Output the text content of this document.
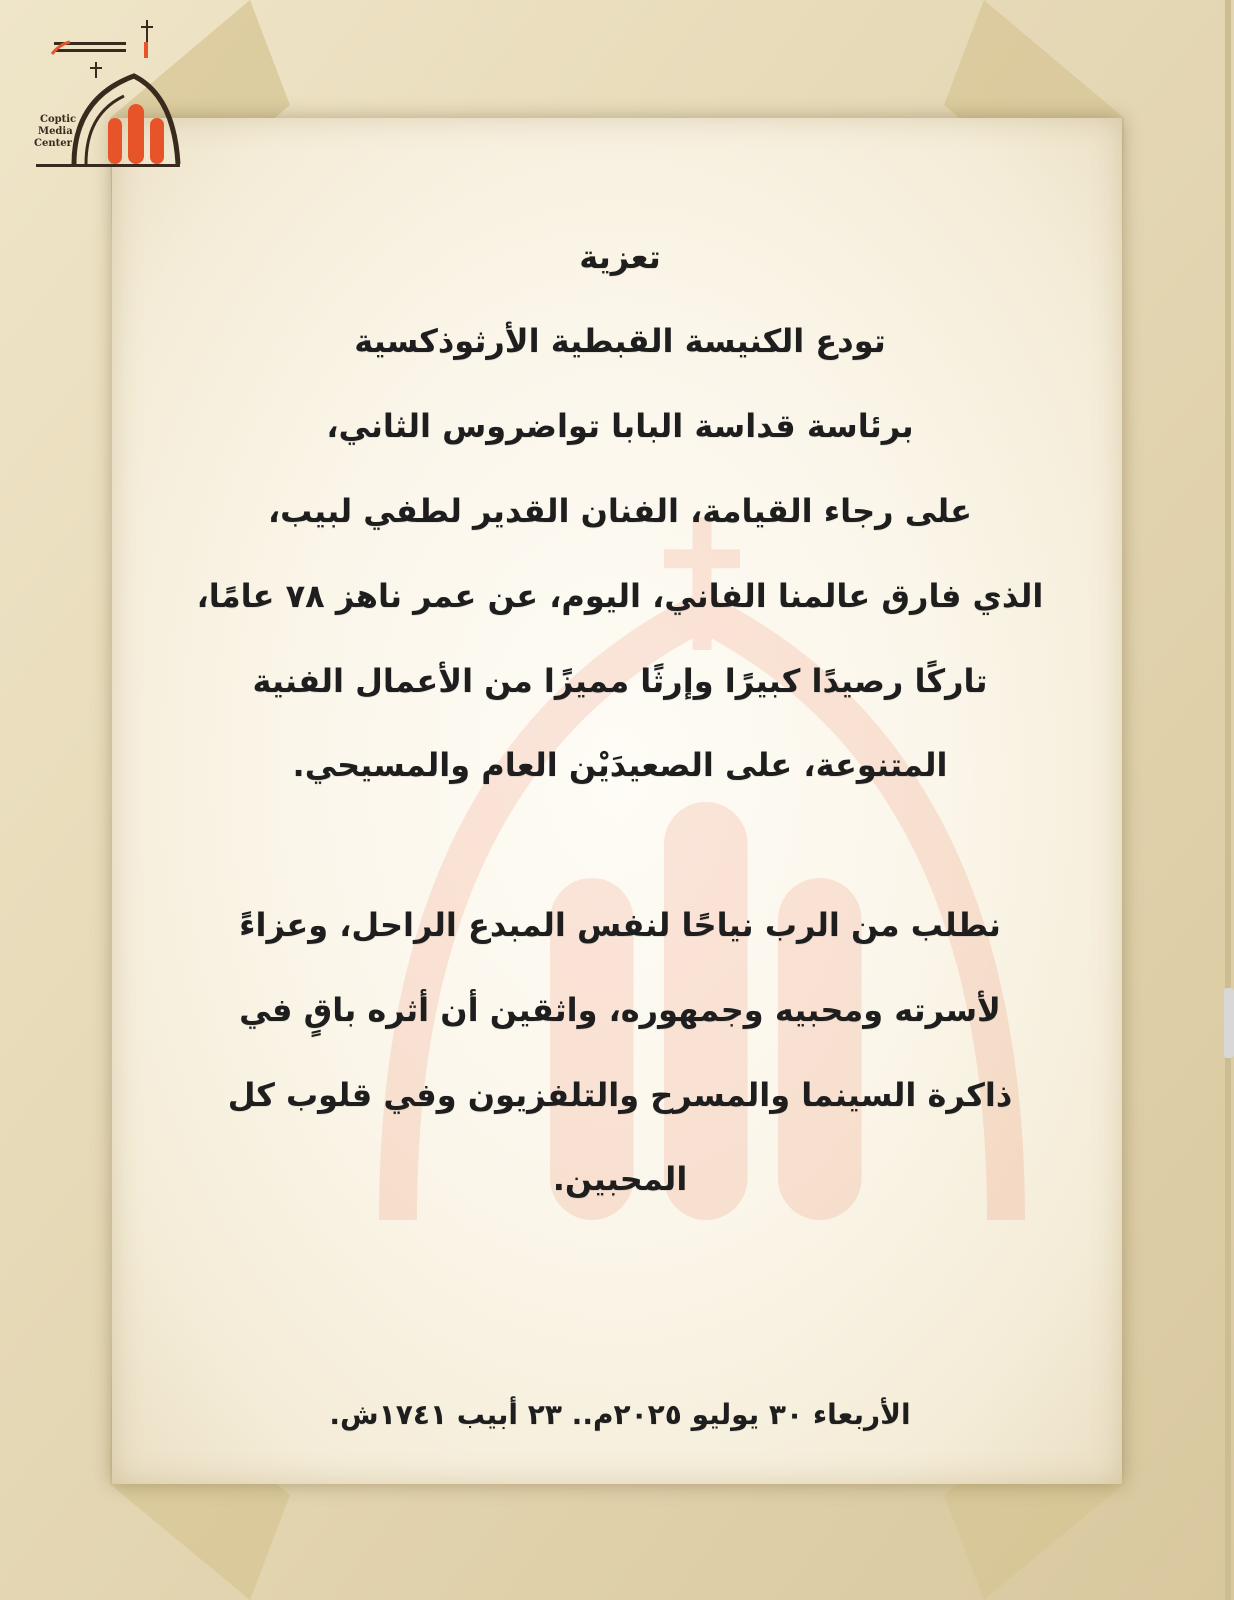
Coptic
Media
Center
تعزية
تودع الكنيسة القبطية الأرثوذكسية
برئاسة قداسة البابا تواضروس الثاني،
على رجاء القيامة، الفنان القدير لطفي لبيب،
الذي فارق عالمنا الفاني، اليوم، عن عمر ناهز ٧٨ عامًا،
تاركًا رصيدًا كبيرًا وإرثًا مميزًا من الأعمال الفنية
المتنوعة، على الصعيدَيْن العام والمسيحي.
نطلب من الرب نياحًا لنفس المبدع الراحل، وعزاءً
لأسرته ومحبيه وجمهوره، واثقين أن أثره باقٍ في
ذاكرة السينما والمسرح والتلفزيون وفي قلوب كل
المحبين.
الأربعاء ٣٠ يوليو ٢٠٢٥م.. ٢٣ أبيب ١٧٤١ش.
